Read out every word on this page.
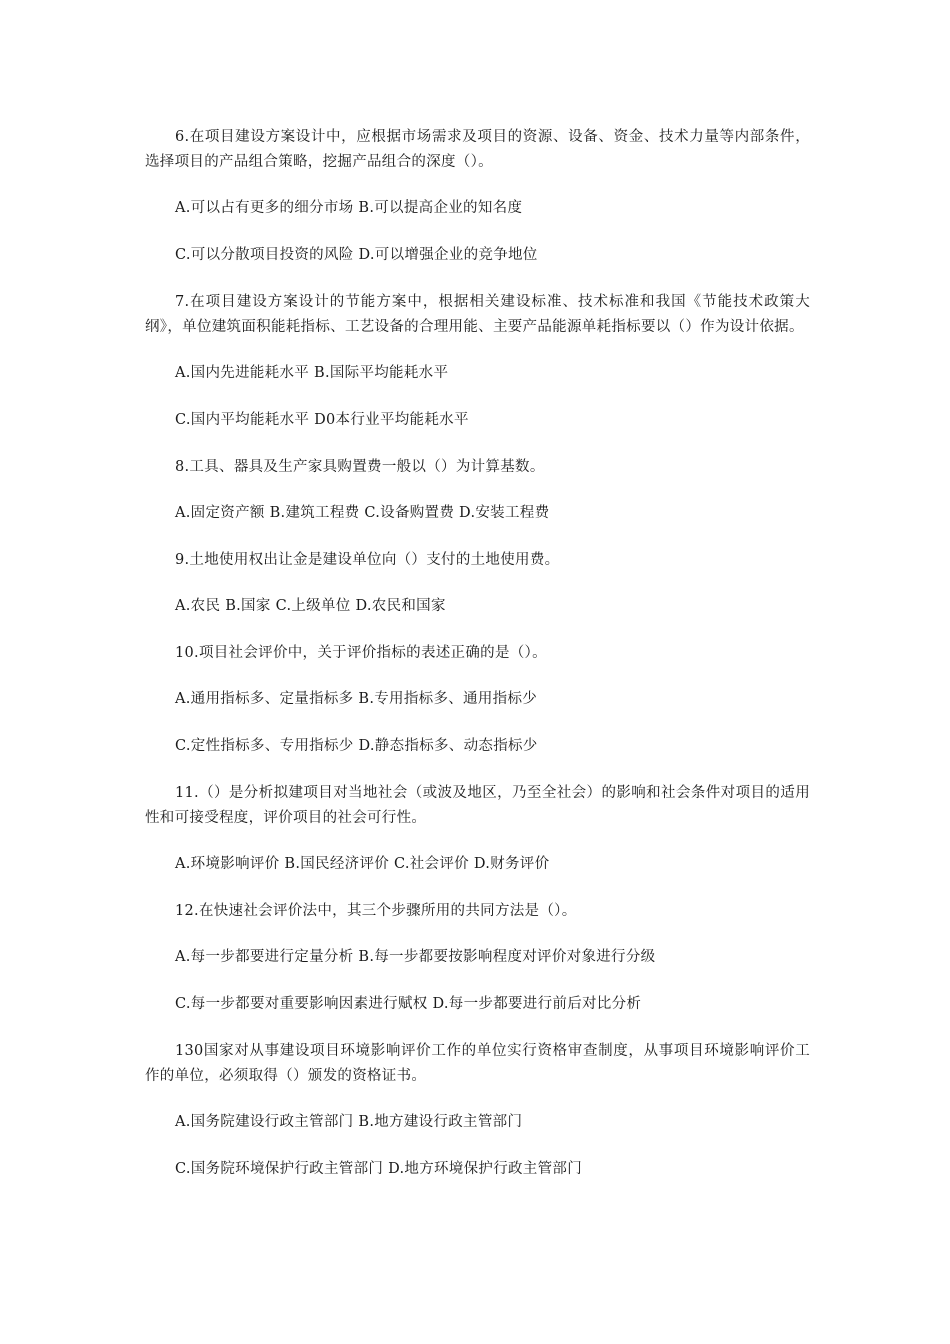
6.在项目建设方案设计中，应根据市场需求及项目的资源、设备、资金、技术力量等内部条件，选择项目的产品组合策略，挖掘产品组合的深度（）。

A.可以占有更多的细分市场 B.可以提高企业的知名度

C.可以分散项目投资的风险 D.可以增强企业的竞争地位

7.在项目建设方案设计的节能方案中，根据相关建设标准、技术标准和我国《节能技术政策大纲》，单位建筑面积能耗指标、工艺设备的合理用能、主要产品能源单耗指标要以（）作为设计依据。

A.国内先进能耗水平 B.国际平均能耗水平

C.国内平均能耗水平 D0本行业平均能耗水平

8.工具、器具及生产家具购置费一般以（）为计算基数。

A.固定资产额 B.建筑工程费 C.设备购置费 D.安装工程费

9.土地使用权出让金是建设单位向（）支付的土地使用费。

A.农民 B.国家 C.上级单位 D.农民和国家

10.项目社会评价中，关于评价指标的表述正确的是（）。

A.通用指标多、定量指标多 B.专用指标多、通用指标少

C.定性指标多、专用指标少 D.静态指标多、动态指标少

11.（）是分析拟建项目对当地社会（或波及地区，乃至全社会）的影响和社会条件对项目的适用性和可接受程度，评价项目的社会可行性。

A.环境影响评价 B.国民经济评价 C.社会评价 D.财务评价

12.在快速社会评价法中，其三个步骤所用的共同方法是（）。

A.每一步都要进行定量分析 B.每一步都要按影响程度对评价对象进行分级

C.每一步都要对重要影响因素进行赋权 D.每一步都要进行前后对比分析

130国家对从事建设项目环境影响评价工作的单位实行资格审查制度，从事项目环境影响评价工作的单位，必须取得（）颁发的资格证书。

A.国务院建设行政主管部门 B.地方建设行政主管部门

C.国务院环境保护行政主管部门 D.地方环境保护行政主管部门
